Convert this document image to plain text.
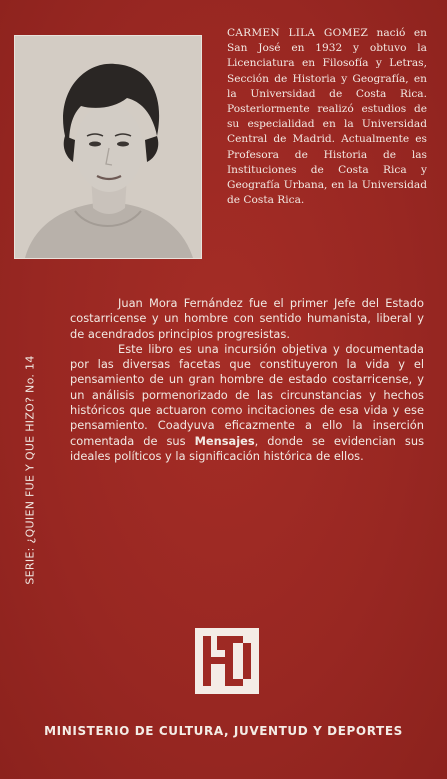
CARMEN LILA GOMEZ nació en San José en 1932 y obtuvo la Licenciatura en Filosofía y Letras, Sección de Historia y Geografía, en la Universidad de Costa Rica. Posteriormente realizó estudios de su especialidad en la Universidad Central de Madrid. Actualmente es Profesora de Historia de las Instituciones de Costa Rica y Geografía Urbana, en la Universidad de Costa Rica.
SERIE: ¿QUIEN FUE Y QUE HIZO? No. 14

Juan Mora Fernández fue el primer Jefe del Estado costarricense y un hombre con sentido humanista, liberal y de acendrados principios progresistas.

Este libro es una incursión objetiva y documentada por las diversas facetas que constituyeron la vida y el pensamiento de un gran hombre de estado costarricense, y un análisis pormenorizado de las circunstancias y hechos históricos que actuaron como incitaciones de esa vida y ese pensamiento. Coadyuva eficazmente a ello la inserción comentada de sus Mensajes, donde se evidencian sus ideales políticos y la significación histórica de ellos.

MINISTERIO DE CULTURA, JUVENTUD Y DEPORTES
